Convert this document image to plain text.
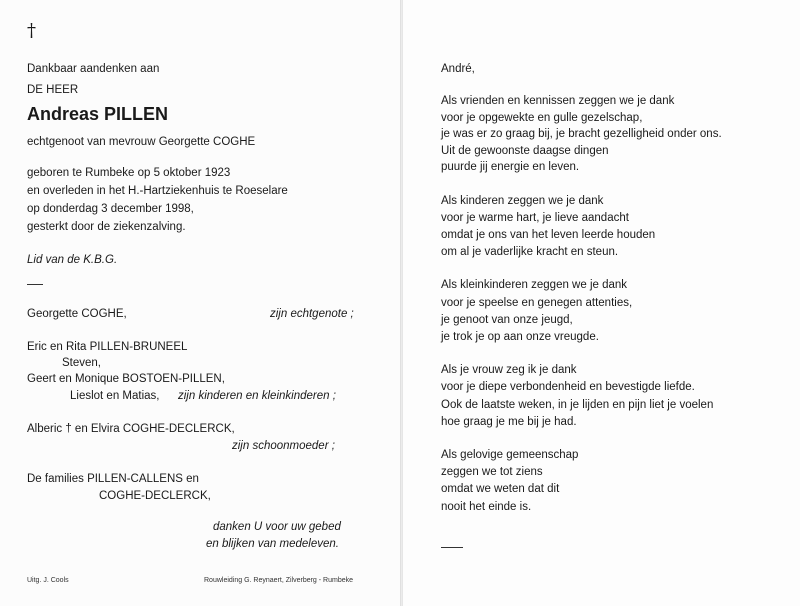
†
Dankbaar aandenken aan
DE HEER
Andreas PILLEN
echtgenoot van mevrouw Georgette COGHE
geboren te Rumbeke op 5 oktober 1923
en overleden in het H.-Hartziekenhuis te Roeselare
op donderdag 3 december 1998,
gesterkt door de ziekenzalving.
Lid van de K.B.G.
Georgette COGHE,	zijn echtgenote ;
Eric en Rita PILLEN-BRUNEEL
Steven,
Geert en Monique BOSTOEN-PILLEN,
Lieslot en Matias, zijn kinderen en kleinkinderen ;
Alberic † en Elvira COGHE-DECLERCK,
zijn schoonmoeder ;
De families PILLEN-CALLENS en
COGHE-DECLERCK,
danken U voor uw gebed
en blijken van medeleven.
Uitg. J. Cools	Rouwleiding G. Reynaert, Zilverberg - Rumbeke
André,
Als vrienden en kennissen zeggen we je dank
voor je opgewekte en gulle gezelschap,
je was er zo graag bij, je bracht gezelligheid onder ons.
Uit de gewoonste daagse dingen
puurde jij energie en leven.
Als kinderen zeggen we je dank
voor je warme hart, je lieve aandacht
omdat je ons van het leven leerde houden
om al je vaderlijke kracht en steun.
Als kleinkinderen zeggen we je dank
voor je speelse en genegen attenties,
je genoot van onze jeugd,
je trok je op aan onze vreugde.
Als je vrouw zeg ik je dank
voor je diepe verbondenheid en bevestigde liefde.
Ook de laatste weken, in je lijden en pijn liet je voelen
hoe graag je me bij je had.
Als gelovige gemeenschap
zeggen we tot ziens
omdat we weten dat dit
nooit het einde is.
